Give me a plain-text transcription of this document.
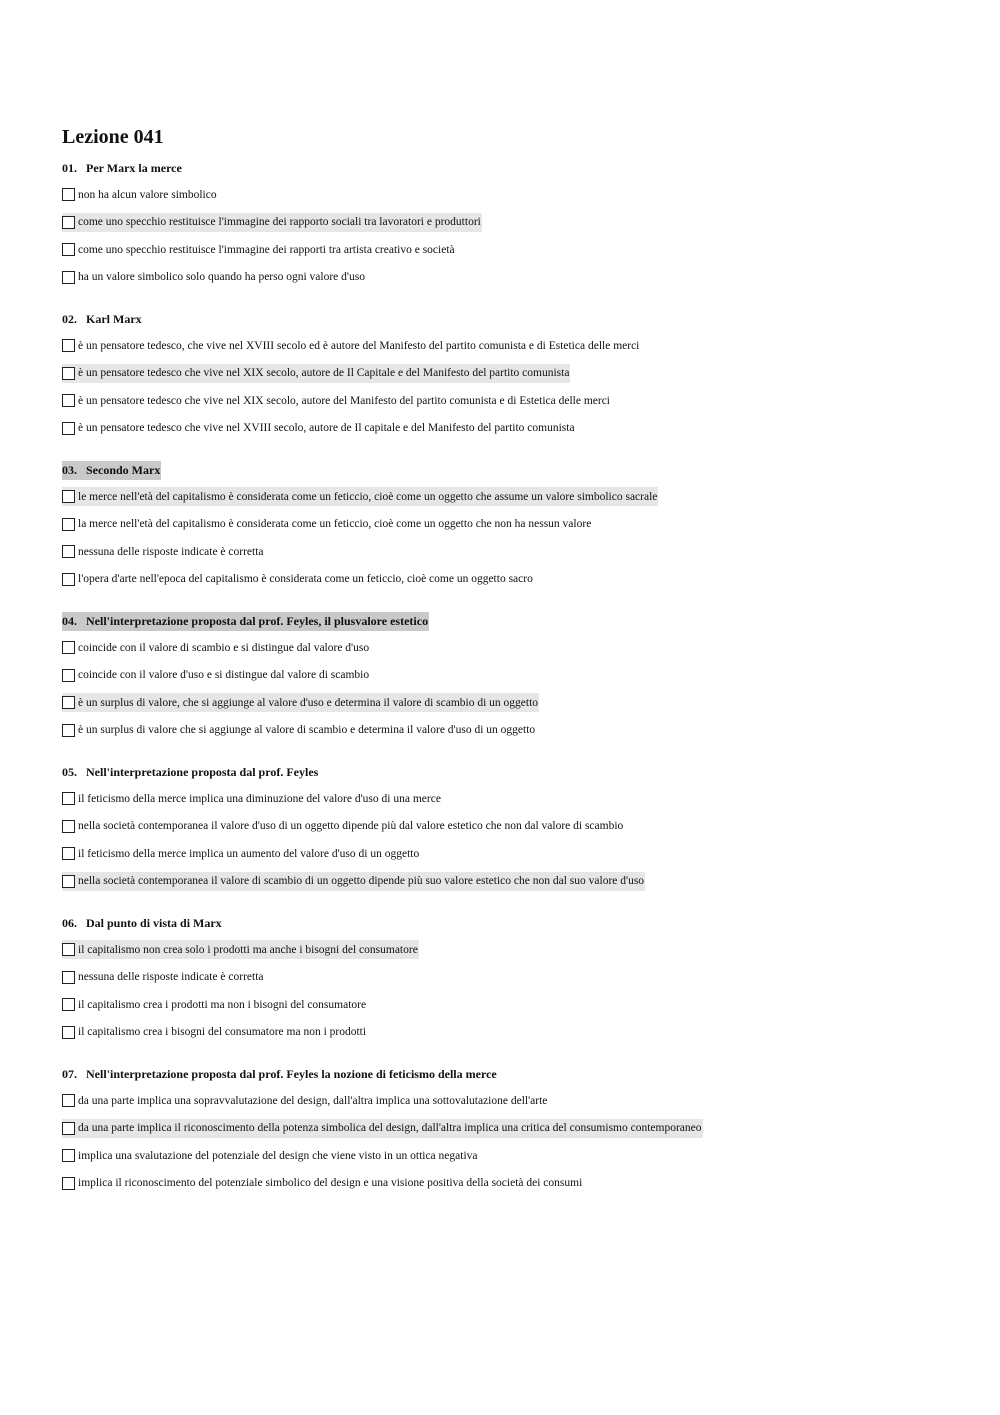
Lezione 041
01. Per Marx la merce
non ha alcun valore simbolico
come uno specchio restituisce l'immagine dei rapporto sociali tra lavoratori e produttori
come uno specchio restituisce l'immagine dei rapporti tra artista creativo e società
ha un valore simbolico solo quando ha perso ogni valore d'uso
02. Karl Marx
è un pensatore tedesco, che vive nel XVIII secolo ed è autore del Manifesto del partito comunista e di Estetica delle merci
è un pensatore tedesco che vive nel XIX secolo, autore de Il Capitale e del Manifesto del partito comunista
è un pensatore tedesco che vive nel XIX secolo, autore del Manifesto del partito comunista e di Estetica delle merci
è un pensatore tedesco che vive nel XVIII secolo, autore de Il capitale e del Manifesto del partito comunista
03. Secondo Marx
le merce nell'età del capitalismo è considerata come un feticcio, cioè come un oggetto che assume un valore simbolico sacrale
la merce nell'età del capitalismo è considerata come un feticcio, cioè come un oggetto che non ha nessun valore
nessuna delle risposte indicate è corretta
l'opera d'arte nell'epoca del capitalismo è considerata come un feticcio, cioè come un oggetto sacro
04. Nell'interpretazione proposta dal prof. Feyles, il plusvalore estetico
coincide con il valore di scambio e si distingue dal valore d'uso
coincide con il valore d'uso e si distingue dal valore di scambio
è un surplus di valore, che si aggiunge al valore d'uso e determina il valore di scambio di un oggetto
è un surplus di valore che si aggiunge al valore di scambio e determina il valore d'uso di un oggetto
05. Nell'interpretazione proposta dal prof. Feyles
il feticismo della merce implica una diminuzione del valore d'uso di una merce
nella società contemporanea il valore d'uso di un oggetto dipende più dal valore estetico che non dal valore di scambio
il feticismo della merce implica un aumento del valore d'uso di un oggetto
nella società contemporanea il valore di scambio di un oggetto dipende più suo valore estetico che non dal suo valore d'uso
06. Dal punto di vista di Marx
il capitalismo non crea solo i prodotti ma anche i bisogni del consumatore
nessuna delle risposte indicate è corretta
il capitalismo crea i prodotti ma non i bisogni del consumatore
il capitalismo crea i bisogni del consumatore ma non i prodotti
07. Nell'interpretazione proposta dal prof. Feyles la nozione di feticismo della merce
da una parte implica una sopravvalutazione del design, dall'altra implica una sottovalutazione dell'arte
da una parte implica il riconoscimento della potenza simbolica del design, dall'altra implica una critica del consumismo contemporaneo
implica una svalutazione del potenziale del design che viene visto in un ottica negativa
implica il riconoscimento del potenziale simbolico del design e una visione positiva della società dei consumi
